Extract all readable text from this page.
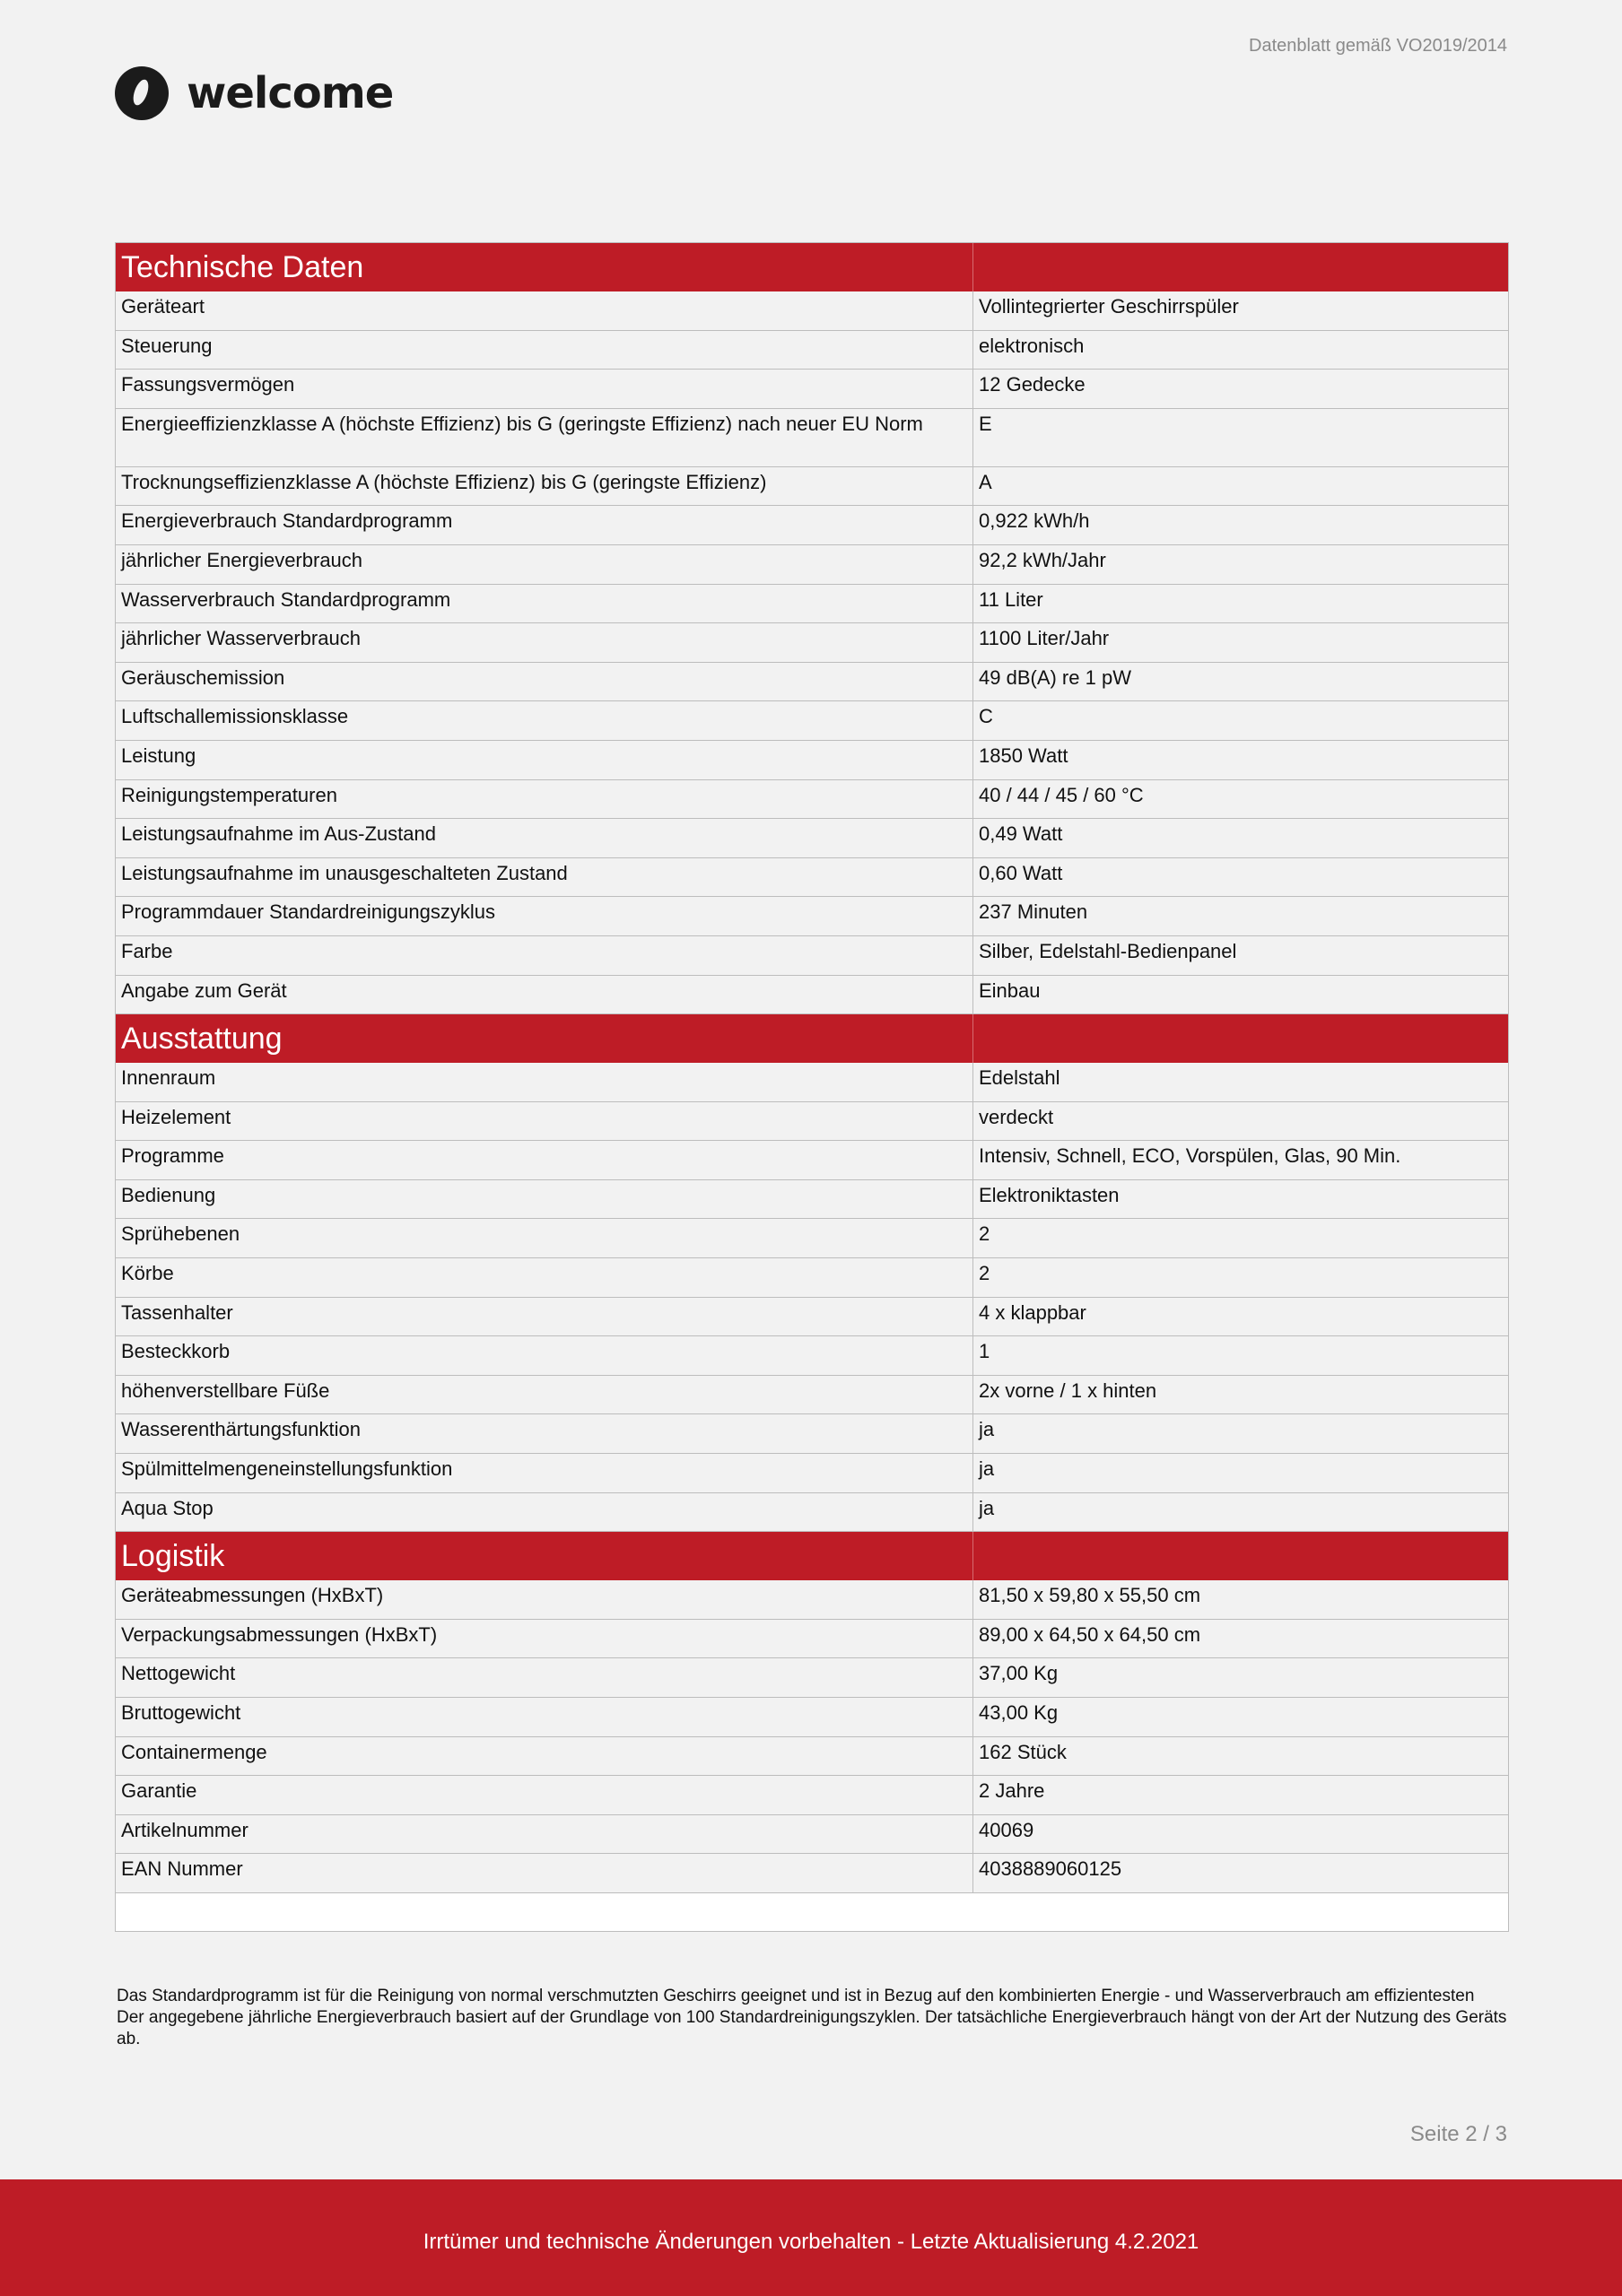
Datenblatt gemäß VO2019/2014
welcome
Technische Daten
Geräteart	Vollintegrierter Geschirrspüler
Steuerung	elektronisch
Fassungsvermögen	12 Gedecke
Energieeffizienzklasse A (höchste Effizienz) bis G (geringste Effizienz) nach neuer EU Norm	E
Trocknungseffizienzklasse A (höchste Effizienz) bis G (geringste Effizienz)	A
Energieverbrauch Standardprogramm	0,922 kWh/h
jährlicher Energieverbrauch	92,2 kWh/Jahr
Wasserverbrauch Standardprogramm	11 Liter
jährlicher Wasserverbrauch	1100 Liter/Jahr
Geräuschemission	49 dB(A) re 1 pW
Luftschallemissionsklasse	C
Leistung	1850 Watt
Reinigungstemperaturen	40 / 44 / 45 / 60 °C
Leistungsaufnahme im Aus-Zustand	0,49 Watt
Leistungsaufnahme im unausgeschalteten Zustand	0,60 Watt
Programmdauer Standardreinigungszyklus	237 Minuten
Farbe	Silber, Edelstahl-Bedienpanel
Angabe zum Gerät	Einbau
Ausstattung
Innenraum	Edelstahl
Heizelement	verdeckt
Programme	Intensiv, Schnell, ECO, Vorspülen, Glas, 90 Min.
Bedienung	Elektroniktasten
Sprühebenen	2
Körbe	2
Tassenhalter	4 x klappbar
Besteckkorb	1
höhenverstellbare Füße	2x vorne / 1 x hinten
Wasserenthärtungsfunktion	ja
Spülmittelmengeneinstellungsfunktion	ja
Aqua Stop	ja
Logistik
Geräteabmessungen (HxBxT)	81,50 x 59,80 x 55,50 cm
Verpackungsabmessungen (HxBxT)	89,00 x 64,50 x 64,50 cm
Nettogewicht	37,00 Kg
Bruttogewicht	43,00 Kg
Containermenge	162 Stück
Garantie	2 Jahre
Artikelnummer	40069
EAN Nummer	4038889060125

Das Standardprogramm ist für die Reinigung von normal verschmutzten Geschirrs geeignet und ist in Bezug auf den kombinierten Energie - und Wasserverbrauch am effizientesten

Der angegebene jährliche Energieverbrauch basiert auf der Grundlage von 100 Standardreinigungszyklen. Der tatsächliche Energieverbrauch hängt von der Art der Nutzung des Geräts ab.

Seite 2 / 3
Irrtümer und technische Änderungen vorbehalten - Letzte Aktualisierung 4.2.2021
